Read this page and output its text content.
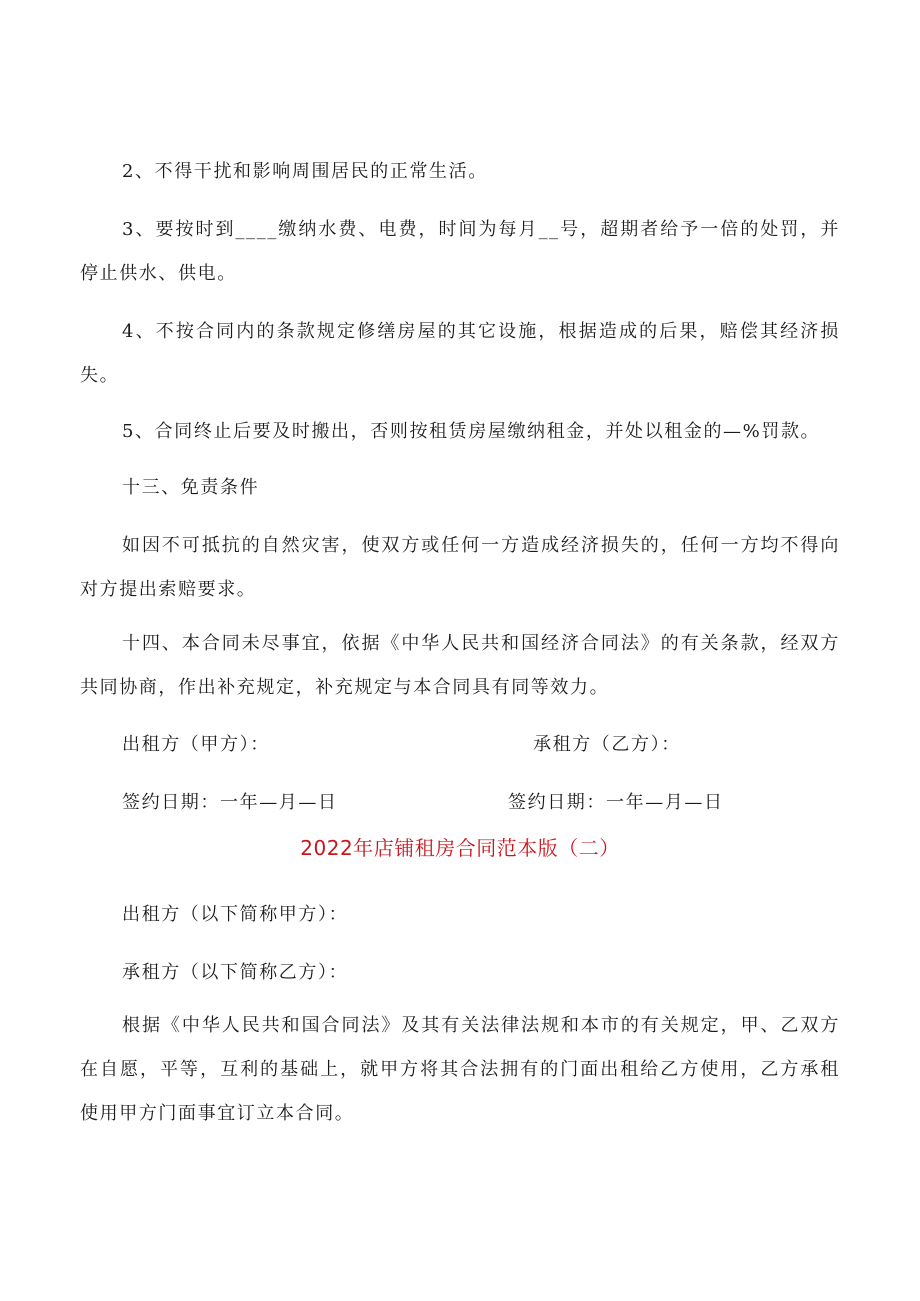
2、不得干扰和影响周围居民的正常生活。

3、要按时到____缴纳水费、电费，时间为每月__号，超期者给予一倍的处罚，并停止供水、供电。

4、不按合同内的条款规定修缮房屋的其它设施，根据造成的后果，赔偿其经济损失。

5、合同终止后要及时搬出，否则按租赁房屋缴纳租金，并处以租金的—%罚款。

十三、免责条件

如因不可抵抗的自然灾害，使双方或任何一方造成经济损失的，任何一方均不得向对方提出索赔要求。

十四、本合同未尽事宜，依据《中华人民共和国经济合同法》的有关条款，经双方共同协商，作出补充规定，补充规定与本合同具有同等效力。

出租方（甲方）：	承租方（乙方）：

签约日期：一年—月—日	签约日期：一年—月—日

2022年店铺租房合同范本版（二）

出租方（以下简称甲方）：

承租方（以下简称乙方）：

根据《中华人民共和国合同法》及其有关法律法规和本市的有关规定，甲、乙双方在自愿，平等，互利的基础上，就甲方将其合法拥有的门面出租给乙方使用，乙方承租使用甲方门面事宜订立本合同。
